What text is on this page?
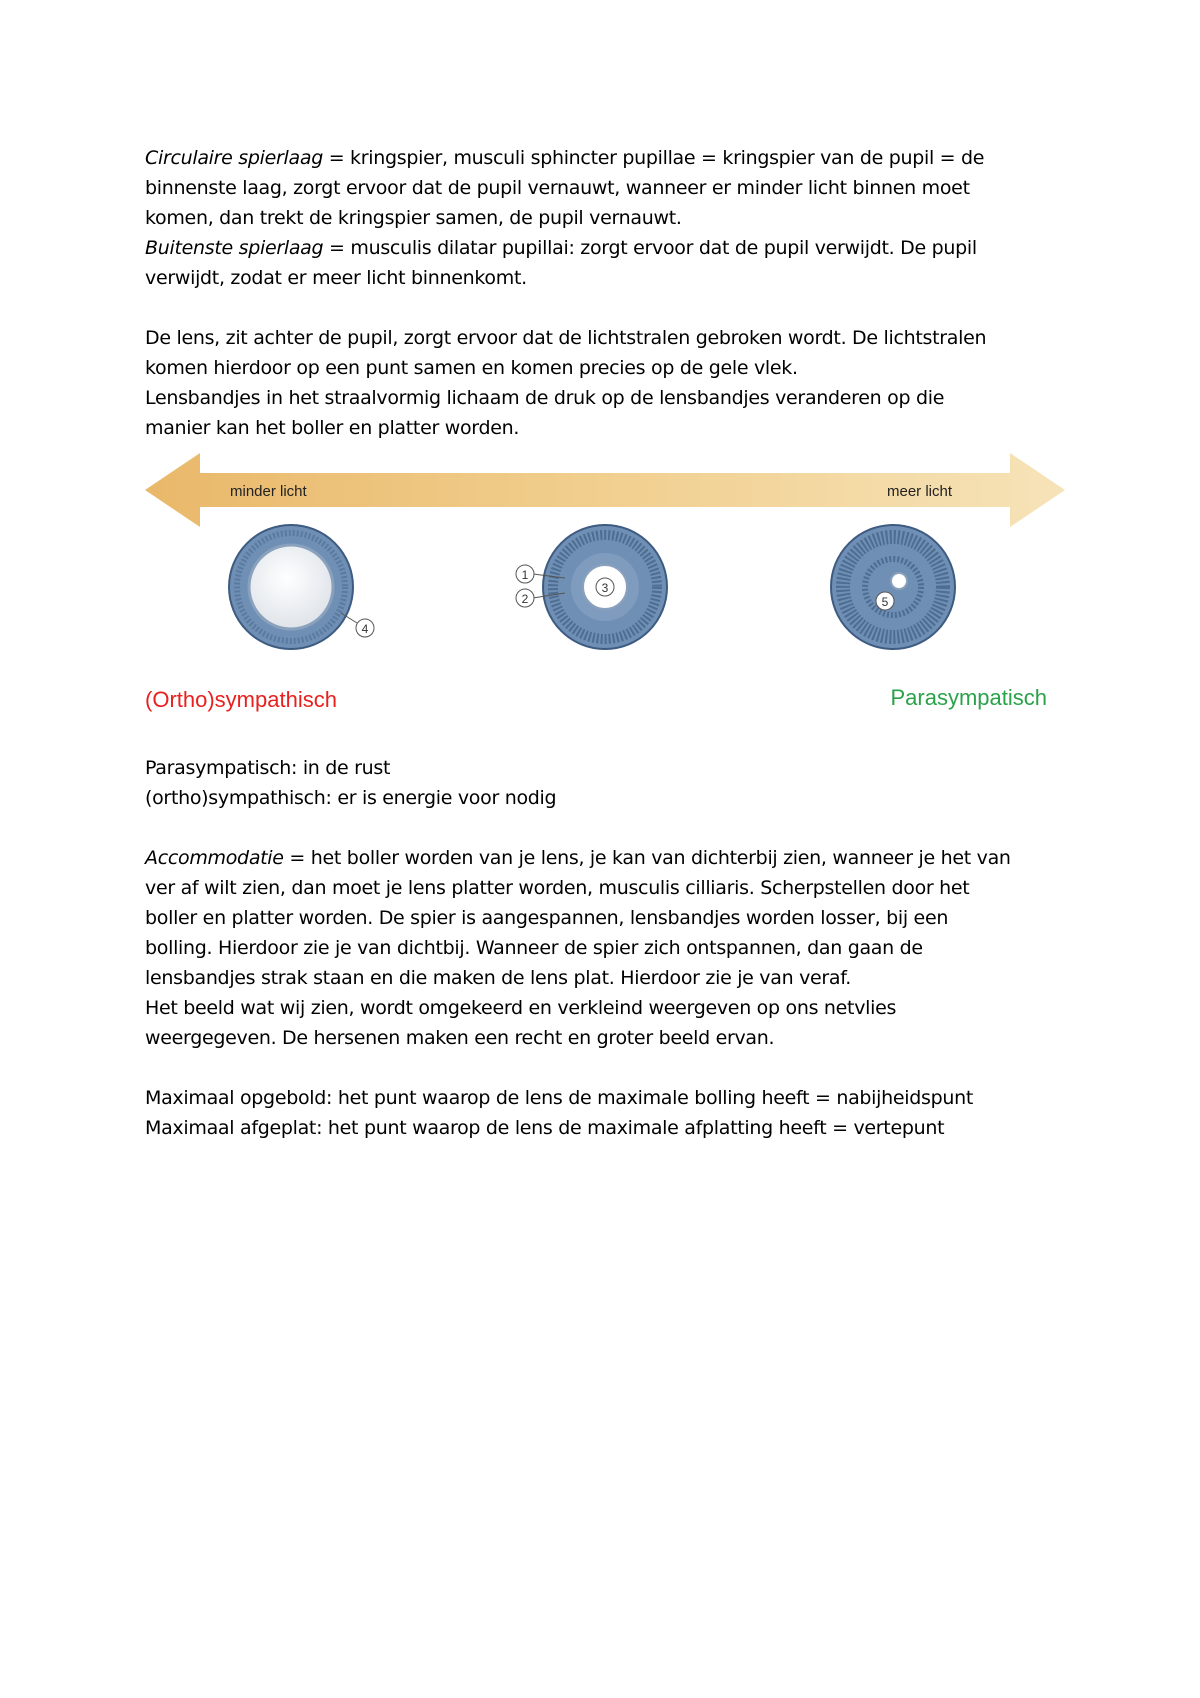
Circulaire spierlaag = kringspier, musculi sphincter pupillae = kringspier van de pupil = de

binnenste laag, zorgt ervoor dat de pupil vernauwt, wanneer er minder licht binnen moet

komen, dan trekt de kringspier samen, de pupil vernauwt.

Buitenste spierlaag = musculis dilatar pupillai: zorgt ervoor dat de pupil verwijdt. De pupil

verwijdt, zodat er meer licht binnenkomt.

De lens, zit achter de pupil, zorgt ervoor dat de lichtstralen gebroken wordt. De lichtstralen

komen hierdoor op een punt samen en komen precies op de gele vlek.

Lensbandjes in het straalvormig lichaam de druk op de lensbandjes veranderen op die

manier kan het boller en platter worden.

minder licht	meer licht
4
3
1
2	5
(Ortho)sympathisch	Parasympatisch

Parasympatisch: in de rust

(ortho)sympathisch: er is energie voor nodig

Accommodatie = het boller worden van je lens, je kan van dichterbij zien, wanneer je het van

ver af wilt zien, dan moet je lens platter worden, musculis cilliaris. Scherpstellen door het

boller en platter worden. De spier is aangespannen, lensbandjes worden losser, bij een

bolling. Hierdoor zie je van dichtbij. Wanneer de spier zich ontspannen, dan gaan de

lensbandjes strak staan en die maken de lens plat. Hierdoor zie je van veraf.

Het beeld wat wij zien, wordt omgekeerd en verkleind weergeven op ons netvlies

weergegeven. De hersenen maken een recht en groter beeld ervan.

Maximaal opgebold: het punt waarop de lens de maximale bolling heeft = nabijheidspunt

Maximaal afgeplat: het punt waarop de lens de maximale afplatting heeft = vertepunt
